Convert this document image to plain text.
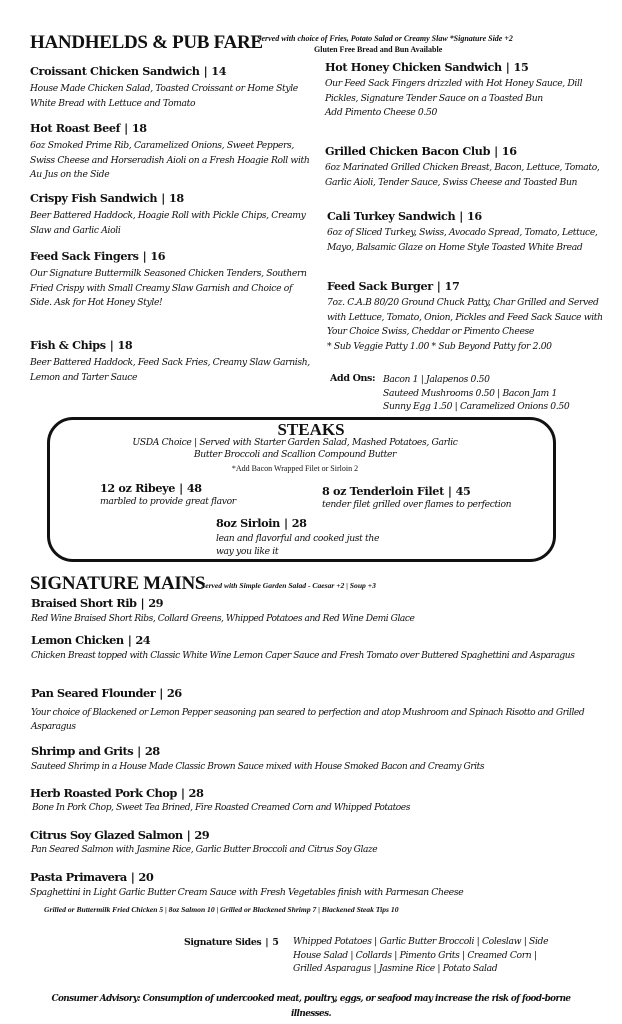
HANDHELDS & PUB FARE
Served with choice of Fries, Potato Salad or Creamy Slaw *Signature Side +2
Gluten Free Bread and Bun Available
Croissant Chicken Sandwich | 14
House Made Chicken Salad, Toasted Croissant or Home Style White Bread with Lettuce and Tomato
Hot Roast Beef | 18
6oz Smoked Prime Rib, Caramelized Onions, Sweet Peppers, Swiss Cheese and Horseradish Aioli on a Fresh Hoagie Roll with Au Jus on the Side
Crispy Fish Sandwich | 18
Beer Battered Haddock, Hoagie Roll with Pickle Chips, Creamy Slaw and Garlic Aioli
Feed Sack Fingers | 16
Our Signature Buttermilk Seasoned Chicken Tenders, Southern Fried Crispy with Small Creamy Slaw Garnish and Choice of Side. Ask for Hot Honey Style!
Fish & Chips | 18
Beer Battered Haddock, Feed Sack Fries, Creamy Slaw Garnish, Lemon and Tarter Sauce
Hot Honey Chicken Sandwich | 15
Our Feed Sack Fingers drizzled with Hot Honey Sauce, Dill Pickles, Signature Tender Sauce on a Toasted Bun
Add Pimento Cheese 0.50
Grilled Chicken Bacon Club | 16
6oz Marinated Grilled Chicken Breast, Bacon, Lettuce, Tomato, Garlic Aioli, Tender Sauce, Swiss Cheese and Toasted Bun
Cali Turkey Sandwich | 16
6oz of Sliced Turkey, Swiss, Avocado Spread, Tomato, Lettuce, Mayo, Balsamic Glaze on Home Style Toasted White Bread
Feed Sack Burger | 17
7oz. C.A.B 80/20 Ground Chuck Patty, Char Grilled and Served with Lettuce, Tomato, Onion, Pickles and Feed Sack Sauce with Your Choice Swiss, Cheddar or Pimento Cheese
* Sub Veggie Patty 1.00 * Sub Beyond Patty for 2.00
Add Ons: Bacon 1 | Jalapenos 0.50
Sauteed Mushrooms 0.50 | Bacon Jam 1
Sunny Egg 1.50 | Caramelized Onions 0.50
STEAKS
USDA Choice | Served with Starter Garden Salad, Mashed Potatoes, Garlic
Butter Broccoli and Scallion Compound Butter
*Add Bacon Wrapped Filet or Sirloin 2
12 oz Ribeye | 48
marbled to provide great flavor
8 oz Tenderloin Filet | 45
tender filet grilled over flames to perfection
8oz Sirloin | 28
lean and flavorful and cooked just the
way you like it
SIGNATURE MAINS
Served with Simple Garden Salad - Caesar +2 | Soup +3
Braised Short Rib | 29
Red Wine Braised Short Ribs, Collard Greens, Whipped Potatoes and Red Wine Demi Glace
Lemon Chicken | 24
Chicken Breast topped with Classic White Wine Lemon Caper Sauce and Fresh Tomato over Buttered Spaghettini and Asparagus
Pan Seared Flounder | 26
Your choice of Blackened or Lemon Pepper seasoning pan seared to perfection and atop Mushroom and Spinach Risotto and Grilled Asparagus
Shrimp and Grits | 28
Sauteed Shrimp in a House Made Classic Brown Sauce mixed with House Smoked Bacon and Creamy Grits
Herb Roasted Pork Chop | 28
Bone In Pork Chop, Sweet Tea Brined, Fire Roasted Creamed Corn and Whipped Potatoes
Citrus Soy Glazed Salmon | 29
Pan Seared Salmon with Jasmine Rice, Garlic Butter Broccoli and Citrus Soy Glaze
Pasta Primavera | 20
Spaghettini in Light Garlic Butter Cream Sauce with Fresh Vegetables finish with Parmesan Cheese
Grilled or Buttermilk Fried Chicken 5 | 8oz Salmon 10 | Grilled or Blackened Shrimp 7 | Blackened Steak Tips 10
Signature Sides | 5 Whipped Potatoes | Garlic Butter Broccoli | Coleslaw | Side
House Salad | Collards | Pimento Grits | Creamed Corn |
Grilled Asparagus | Jasmine Rice | Potato Salad
Consumer Advisory: Consumption of undercooked meat, poultry, eggs, or seafood may increase the risk of food-borne
illnesses.
